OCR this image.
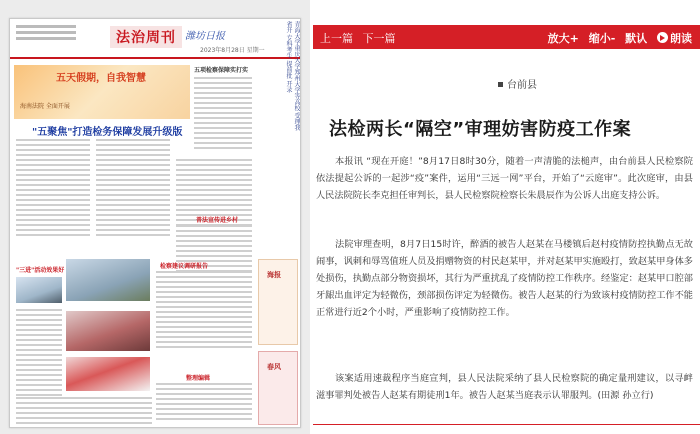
法治周刊 潍坊日报
2023年8月28日 星期一	青海大学重庆大学郑州大学等高校 受理我省开 专科考生 提前批 开录
五天假期，自我智慧
海南法院 全面开展
"五聚焦"打造检务保障发展升级版
五项检察保障实打实
普法宣传进乡村
"三进"活动效果好
检察建议调研报告
整理编辑
海报
春风
上一篇 下一篇	放大+ 缩小- 默认 朗读
台前县
法检两长“隔空”审理妨害防疫工作案

本报讯 “现在开庭！”8月17日8时30分，随着一声清脆的法槌声，由台前县人民检察院依法提起公诉的一起涉“疫”案件，运用“三远一网”平台，开始了“云庭审”。此次庭审，由县人民法院院长李克担任审判长，县人民检察院检察长朱晨辰作为公诉人出庭支持公诉。

法院审理查明，8月7日15时许，醉酒的被告人赵某在马楼镇后赵村疫情防控执勤点无故闹事，讽刺和辱骂值班人员及捐赠物资的村民赵某甲，并对赵某甲实施殴打，致赵某甲身体多处损伤，执勤点部分物资损坏，其行为严重扰乱了疫情防控工作秩序。经鉴定：赵某甲口腔部牙龈出血评定为轻微伤，颈部损伤评定为轻微伤。被告人赵某的行为致该村疫情防控工作不能正常进行近2个小时，严重影响了疫情防控工作。

该案适用速裁程序当庭宣判，县人民法院采纳了县人民检察院的确定量刑建议，以寻衅滋事罪判处被告人赵某有期徒刑1年。被告人赵某当庭表示认罪服判。(田源 孙立行)
